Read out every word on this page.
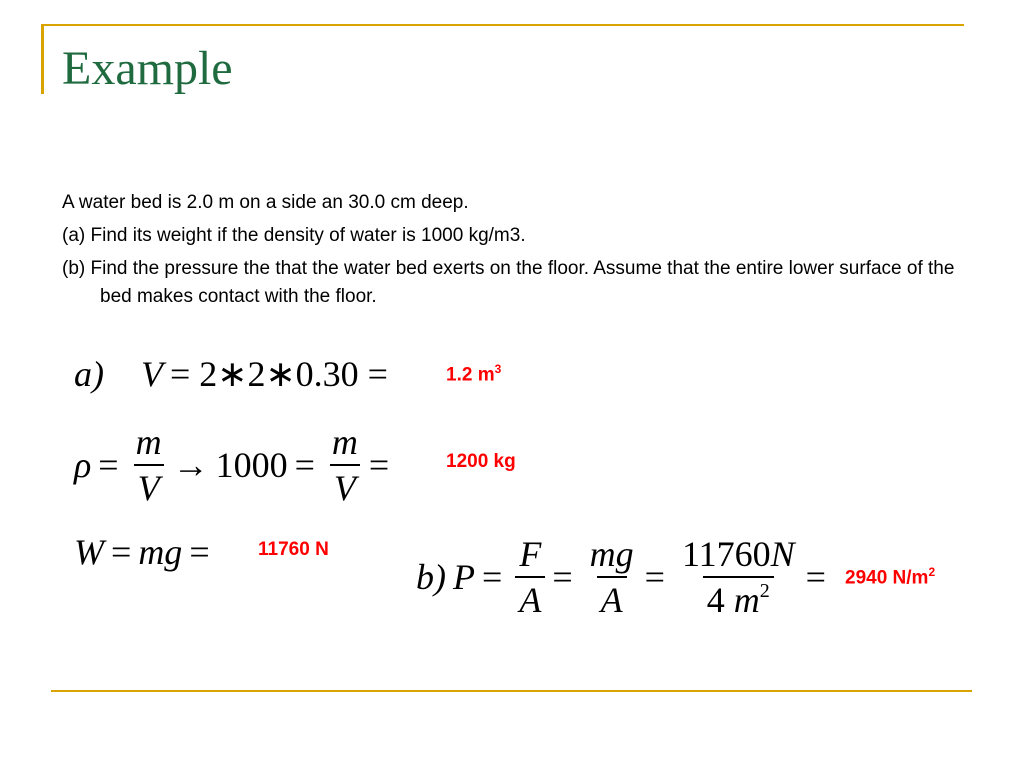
Example

A water bed is 2.0 m on a side an 30.0 cm deep.

(a) Find its weight if the density of water is 1000 kg/m3.

(b) Find the pressure the that the water bed exerts on the floor. Assume that the entire lower surface of the bed makes contact with the floor.

a) V = 2∗2∗0.30 =	1.2 $m^3$
$\rho = \frac{m}{V} \to 1000 = \frac{m}{V}$ =	1200 kg
W = mg =	11760 N
b) $P = \frac{F}{A} = \frac{mg}{A} = \frac{11760N}{4 m^2} = 2940$ $N/m^2$
